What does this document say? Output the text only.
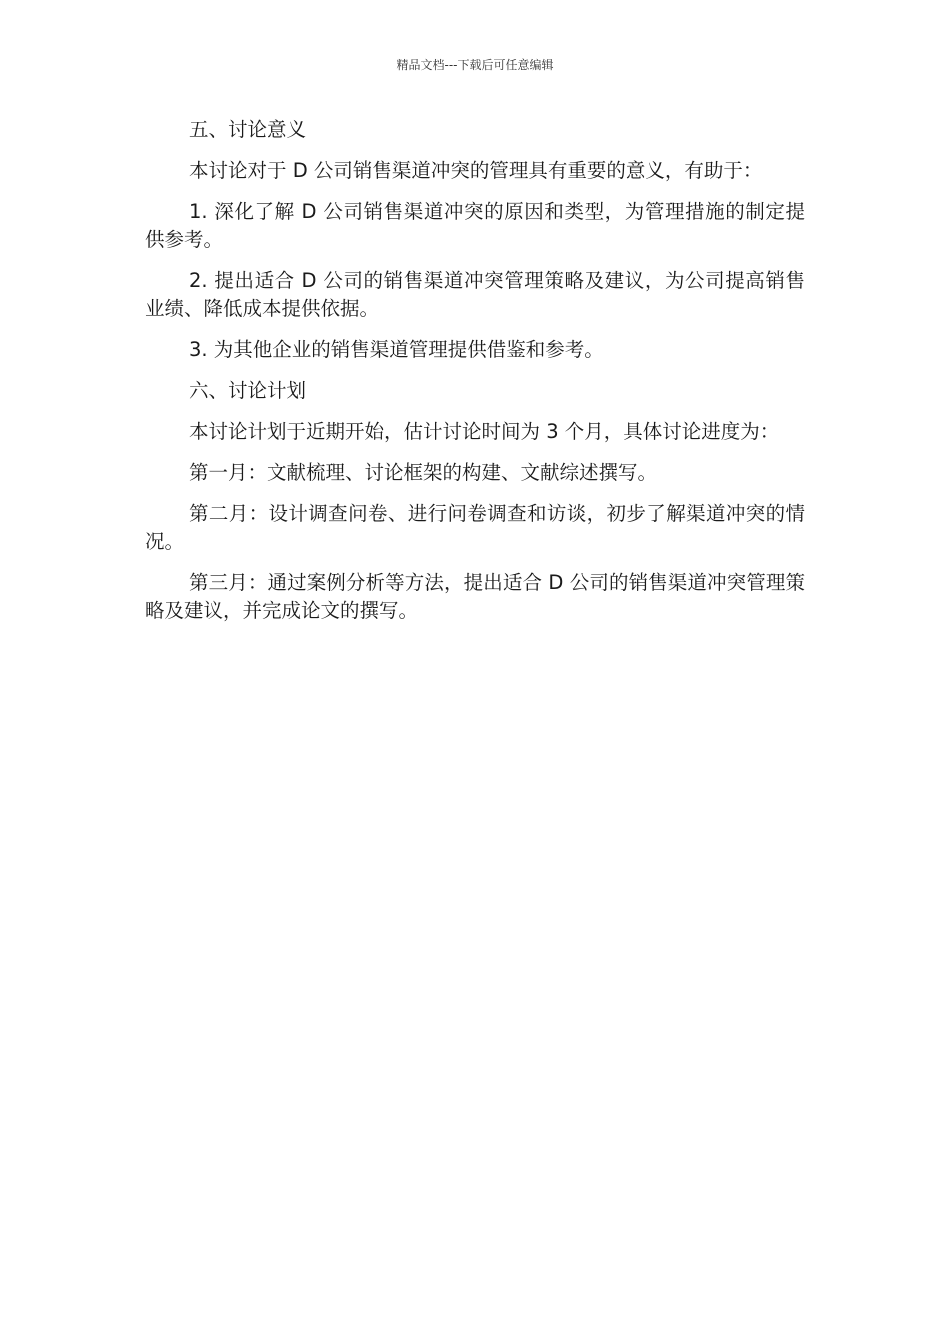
精品文档---下载后可任意编辑

五、讨论意义

本讨论对于 D 公司销售渠道冲突的管理具有重要的意义，有助于：

1. 深化了解 D 公司销售渠道冲突的原因和类型，为管理措施的制定提供参考。

2. 提出适合 D 公司的销售渠道冲突管理策略及建议，为公司提高销售业绩、降低成本提供依据。

3. 为其他企业的销售渠道管理提供借鉴和参考。

六、讨论计划

本讨论计划于近期开始，估计讨论时间为 3 个月，具体讨论进度为：

第一月：文献梳理、讨论框架的构建、文献综述撰写。

第二月：设计调查问卷、进行问卷调查和访谈，初步了解渠道冲突的情况。

第三月：通过案例分析等方法，提出适合 D 公司的销售渠道冲突管理策略及建议，并完成论文的撰写。
